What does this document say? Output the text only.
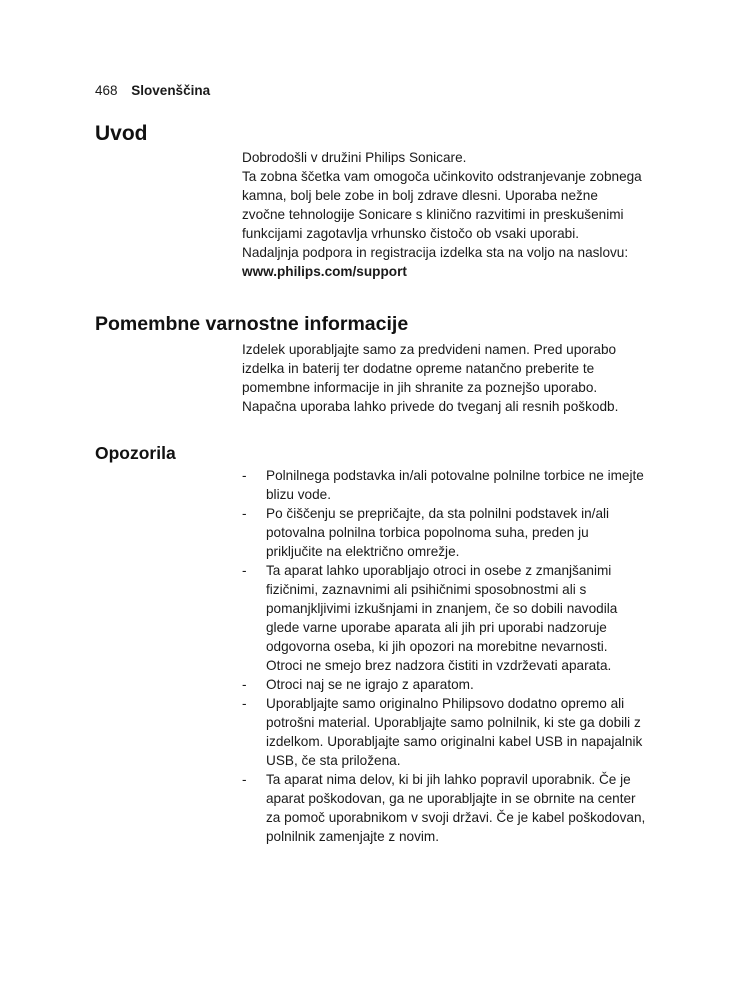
468 Slovenščina
Uvod

Dobrodošli v družini Philips Sonicare.

Ta zobna ščetka vam omogoča učinkovito odstranjevanje zobnega kamna, bolj bele zobe in bolj zdrave dlesni. Uporaba nežne zvočne tehnologije Sonicare s klinično razvitimi in preskušenimi funkcijami zagotavlja vrhunsko čistočo ob vsaki uporabi.

Nadaljnja podpora in registracija izdelka sta na voljo na naslovu: www.philips.com/support

Pomembne varnostne informacije

Izdelek uporabljajte samo za predvideni namen. Pred uporabo izdelka in baterij ter dodatne opreme natančno preberite te pomembne informacije in jih shranite za poznejšo uporabo. Napačna uporaba lahko privede do tveganj ali resnih poškodb.

Opozorila
- Polnilnega podstavka in/ali potovalne polnilne torbice ne imejte blizu vode.
- Po čiščenju se prepričajte, da sta polnilni podstavek in/ali potovalna polnilna torbica popolnoma suha, preden ju priključite na električno omrežje.
- Ta aparat lahko uporabljajo otroci in osebe z zmanjšanimi fizičnimi, zaznavnimi ali psihičnimi sposobnostmi ali s pomanjkljivimi izkušnjami in znanjem, če so dobili navodila glede varne uporabe aparata ali jih pri uporabi nadzoruje odgovorna oseba, ki jih opozori na morebitne nevarnosti. Otroci ne smejo brez nadzora čistiti in vzdrževati aparata.
- Otroci naj se ne igrajo z aparatom.
- Uporabljajte samo originalno Philipsovo dodatno opremo ali potrošni material. Uporabljajte samo polnilnik, ki ste ga dobili z izdelkom. Uporabljajte samo originalni kabel USB in napajalnik USB, če sta priložena.
- Ta aparat nima delov, ki bi jih lahko popravil uporabnik. Če je aparat poškodovan, ga ne uporabljajte in se obrnite na center za pomoč uporabnikom v svoji državi. Če je kabel poškodovan, polnilnik zamenjajte z novim.
